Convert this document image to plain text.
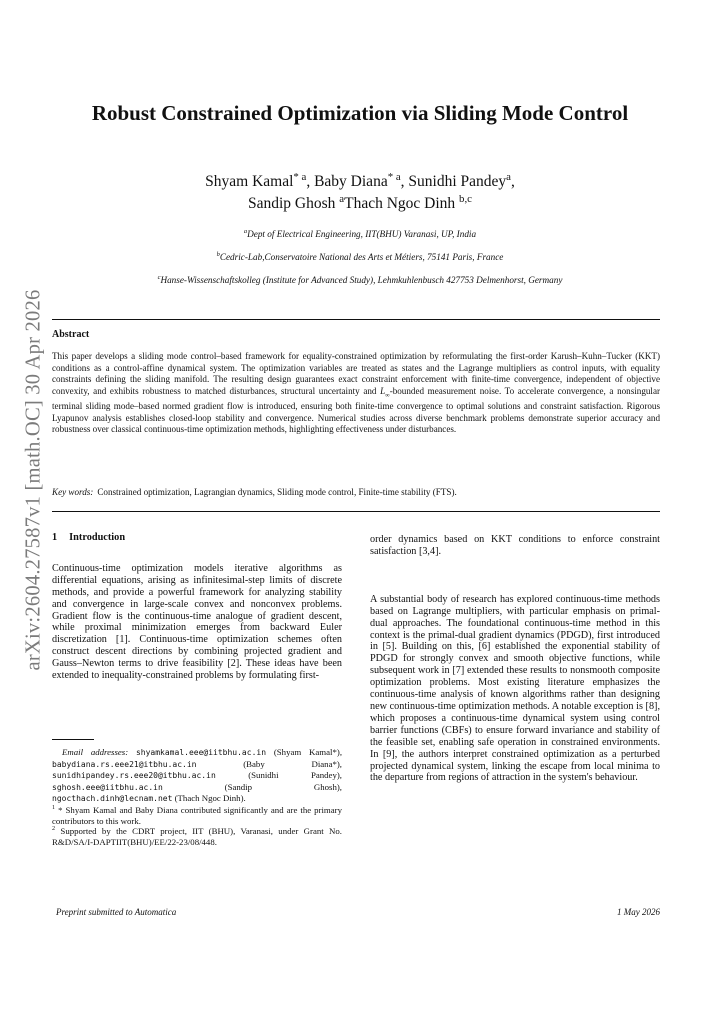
arXiv:2604.27587v1 [math.OC] 30 Apr 2026
Robust Constrained Optimization via Sliding Mode Control
Shyam Kamal$^{* a}$, Baby Diana$^{* a}$, Sunidhi Pandey$^a$,
Sandip Ghosh $^a$Thach Ngoc Dinh $^{b,c}$
$^a$Dept of Electrical Engineering, IIT(BHU) Varanasi, UP, India
$^b$Cedric-Lab,Conservatoire National des Arts et Métiers, 75141 Paris, France
$^c$Hanse-Wissenschaftskolleg (Institute for Advanced Study), Lehmkuhlenbusch 427753 Delmenhorst, Germany
Abstract
This paper develops a sliding mode control–based framework for equality-constrained optimization by reformulating the first-order Karush–Kuhn–Tucker (KKT) conditions as a control-affine dynamical system. The optimization variables are treated as states and the Lagrange multipliers as control inputs, with equality constraints defining the sliding manifold. The resulting design guarantees exact constraint enforcement with finite-time convergence, independent of objective convexity, and exhibits robustness to matched disturbances, structural uncertainty and $L_\infty$-bounded measurement noise. To accelerate convergence, a nonsingular terminal sliding mode–based normed gradient flow is introduced, ensuring both finite-time convergence to optimal solutions and constraint satisfaction. Rigorous Lyapunov analysis establishes closed-loop stability and convergence. Numerical studies across diverse benchmark problems demonstrate superior accuracy and robustness over classical continuous-time optimization methods, highlighting effectiveness under disturbances.
Key words: Constrained optimization, Lagrangian dynamics, Sliding mode control, Finite-time stability (FTS).
1 Introduction
Continuous-time optimization models iterative algorithms as differential equations, arising as infinitesimal-step limits of discrete methods, and provide a powerful framework for analyzing stability and convergence in large-scale convex and nonconvex problems. Gradient flow is the continuous-time analogue of gradient descent, while proximal minimization emerges from backward Euler discretization [1]. Continuous-time optimization schemes often construct descent directions by combining projected gradient and Gauss–Newton terms to drive feasibility [2]. These ideas have been extended to inequality-constrained problems by formulating first-
Email addresses: shyamkamal.eee@iitbhu.ac.in (Shyam Kamal*), babydiana.rs.eee21@itbhu.ac.in	(Baby Diana*), sunidhipandey.rs.eee20@itbhu.ac.in	(Sunidhi Pandey), sghosh.eee@iitbhu.ac.in	(Sandip Ghosh), ngocthach.dinh@lecnam.net (Thach Ngoc Dinh).
$^1$ * Shyam Kamal and Baby Diana contributed significantly and are the primary contributors to this work.
$^2$ Supported by the CDRT project, IIT (BHU), Varanasi, under Grant No. R&D/SA/I-DAPTIIT(BHU)/EE/22-23/08/448.
order dynamics based on KKT conditions to enforce constraint satisfaction [3,4].
A substantial body of research has explored continuous-time methods based on Lagrange multipliers, with particular emphasis on primal-dual approaches. The foundational continuous-time method in this context is the primal-dual gradient dynamics (PDGD), first introduced in [5]. Building on this, [6] established the exponential stability of PDGD for strongly convex and smooth objective functions, while subsequent work in [7] extended these results to nonsmooth composite optimization problems. Most existing literature emphasizes the continuous-time analysis of known algorithms rather than designing new continuous-time optimization methods. A notable exception is [8], which proposes a continuous-time dynamical system using control barrier functions (CBFs) to ensure forward invariance and stability of the feasible set, enabling safe operation in constrained environments. In [9], the authors interpret constrained optimization as a perturbed projected dynamical system, linking the escape from local minima to the departure from regions of attraction in the system's behaviour.
Preprint submitted to Automatica	1 May 2026
